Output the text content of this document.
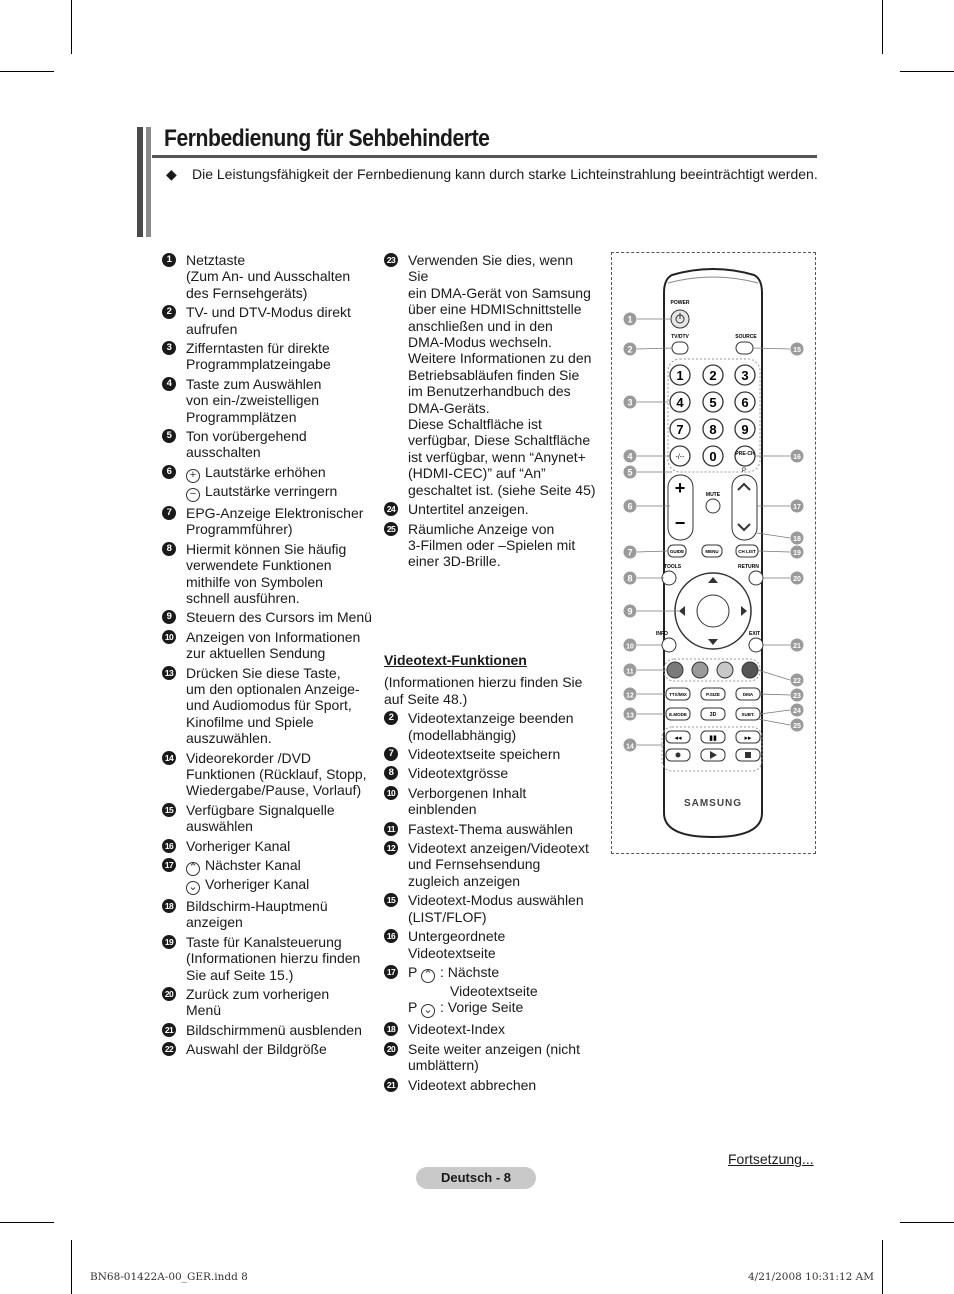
Fernbedienung für Sehbehinderte
◆ Die Leistungsfähigkeit der Fernbedienung kann durch starke Lichteinstrahlung beeinträchtigt werden.
1	Netztaste
(Zum An- und Ausschalten
des Fernsehgeräts)
2	TV- und DTV-Modus direkt
aufrufen
3	Zifferntasten für direkte
Programmplatzeingabe
4	Taste zum Auswählen
von ein-/zweistelligen
Programmplätzen
5	Ton vorübergehend
ausschalten
6	+ Lautstärke erhöhen
− Lautstärke verringern
7	EPG-Anzeige Elektronischer
Programmführer)
8	Hiermit können Sie häufig
verwendete Funktionen
mithilfe von Symbolen
schnell ausführen.
9	Steuern des Cursors im Menü
10 Anzeigen von Informationen
zur aktuellen Sendung
13 Drücken Sie diese Taste,
um den optionalen Anzeige-
und Audiomodus für Sport,
Kinofilme und Spiele
auszuwählen.
14 Videorekorder /DVD
Funktionen (Rücklauf, Stopp,
Wiedergabe/Pause, Vorlauf)
15 Verfügbare Signalquelle
auswählen
16 Vorheriger Kanal
17 ⌃ Nächster Kanal
⌄ Vorheriger Kanal
18 Bildschirm-Hauptmenü
anzeigen
19 Taste für Kanalsteuerung
(Informationen hierzu finden
Sie auf Seite 15.)
20 Zurück zum vorherigen
Menü
21 Bildschirmmenü ausblenden
22 Auswahl der Bildgröße
23 Verwenden Sie dies, wenn Sie
ein DMA-Gerät von Samsung
über eine HDMISchnittstelle
anschließen und in den
DMA-Modus wechseln.
Weitere Informationen zu den
Betriebsabläufen finden Sie
im Benutzerhandbuch des
DMA-Geräts.
Diese Schaltfläche ist
verfügbar, Diese Schaltfläche
ist verfügbar, wenn “Anynet+
(HDMI-CEC)” auf “An”
geschaltet ist. (siehe Seite 45)
24 Untertitel anzeigen.
25 Räumliche Anzeige von
3-Filmen oder –Spielen mit
einer 3D-Brille.
Videotext-Funktionen
(Informationen hierzu finden Sie
auf Seite 48.)
2	Videotextanzeige beenden
(modellabhängig)
7	Videotextseite speichern
8	Videotextgrösse
10 Verborgenen Inhalt
einblenden
11 Fastext-Thema auswählen
12 Videotext anzeigen/Videotext
und Fernsehsendung
zugleich anzeigen
15 Videotext-Modus auswählen
(LIST/FLOF)
16 Untergeordnete
Videotextseite
17 P ⌃ : Nächste
Videotextseite
P ⌄ : Vorige Seite
18 Videotext-Index
20 Seite weiter anzeigen (nicht
umblättern)
21 Videotext abbrechen
POWER
TV/DTV	SOURCE
1 2 3
4 5 6
7 8 9
0
-/--	PRE-CH
+
−
P
MUTE
GUIDE	MENU	CH LIST
TOOLS	RETURN
INFO	EXIT
TTX/MIX	P.SIZE	DMA
E.MODE	3D	SUBT.
◂◂	▮▮	▸▸
SAMSUNG
1
2
3
4
5
6
7
8
9
10
11
12
13
14
15
16
17
18
19
20
21
22
23
24
25
Fortsetzung...
Deutsch - 8
BN68-01422A-00_GER.indd 8	4/21/2008 10:31:12 AM
